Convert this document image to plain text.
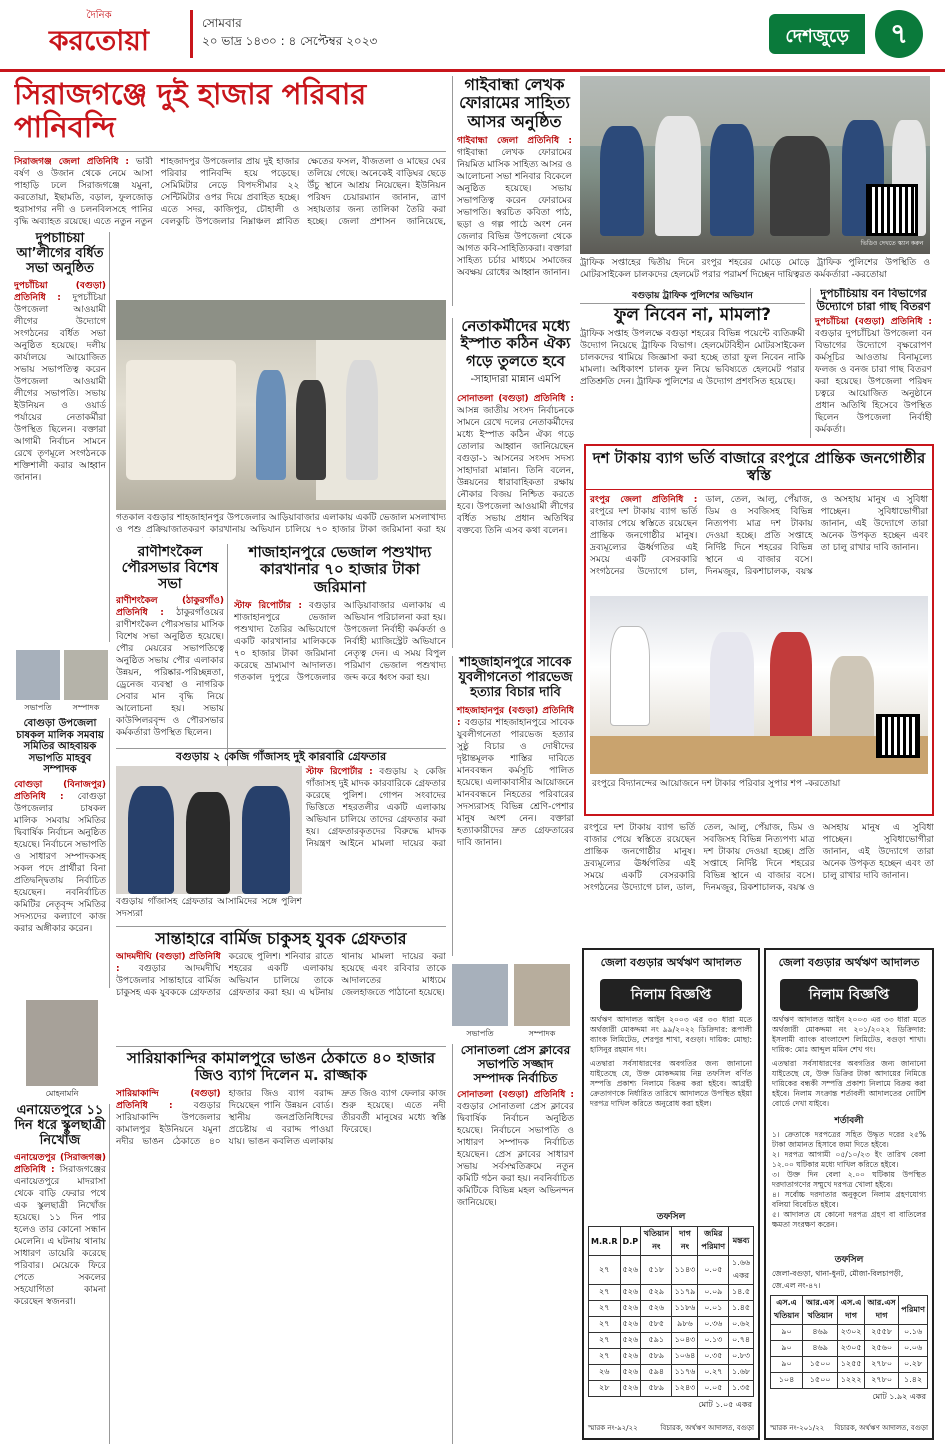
দৈনিক
করতোয়া
সোমবার
২০ ভাদ্র ১৪৩০ : ৪ সেপ্টেম্বর ২০২৩	দেশজুড়ে	৭
সিরাজগঞ্জে দুই হাজার পরিবার পানিবন্দি
সিরাজগঞ্জ জেলা প্রতিনিধি : ভারী বর্ষণ ও উজান থেকে নেমে আসা পাহাড়ি ঢলে সিরাজগঞ্জে যমুনা, করতোয়া, ইছামতি, বড়াল, ফুলজোড় হুরাসাগর নদী ও চলনবিলসহে পানির বৃদ্ধি অব্যাহত রয়েছে। এতে নতুন নতুন শাহজাদপুর উপজেলার প্রায় দুই হাজার পরিবার পানিবন্দি হয়ে পড়েছে। সেমিমিটার নেড়ে বিপদসীমার ২২ সেন্টিমিটার ওপর দিয়ে প্রবাহিত হচ্ছে। এতে সদর, কাজিপুর, চৌহালী ও বেলকুচি উপজেলার নিম্নাঞ্চল প্লাবিত ক্ষেতের ফসল, বীজতলা ও মাছের ঘের তলিয়ে গেছে। অনেকেই বাড়িঘর ছেড়ে উঁচু স্থানে আশ্রয় নিয়েছেন। ইউনিয়ন পরিষদ চেয়ারম্যান জানান, ত্রাণ সহায়তার জন্য তালিকা তৈরি করা হচ্ছে। জেলা প্রশাসন জানিয়েছে,
গাইবান্ধা লেখক ফোরামের সাহিত্য আসর অনুষ্ঠিত
গাইবান্ধা জেলা প্রতিনিধি : গাইবান্ধা লেখক ফোরামের নিয়মিত মাসিক সাহিত্য আসর ও আলোচনা সভা শনিবার বিকেলে অনুষ্ঠিত হয়েছে। সভায় সভাপতিত্ব করেন ফোরামের সভাপতি। স্বরচিত কবিতা পাঠ, ছড়া ও গল্প পাঠে অংশ নেন জেলার বিভিন্ন উপজেলা থেকে আগত কবি-সাহিত্যিকরা। বক্তারা সাহিত্য চর্চার মাধ্যমে সমাজের অবক্ষয় রোধের আহ্বান জানান।
ভিডিও দেখতে স্ক্যান করুন
ট্রাফিক সপ্তাহের দ্বিতীয় দিনে রংপুর শহরের মোড়ে মোড়ে ট্রাফিক পুলিশের উপস্থিতি ও মোটরসাইকেল চালকদের হেলমেট পরার পরামর্শ দিচ্ছেন দায়িত্বরত কর্মকর্তারা -করতোয়া
বগুড়ায় ট্রাফিক পুলিশের অভিযান
ফুল নিবেন না, মামলা?
ট্রাফিক সপ্তাহ উপলক্ষে বগুড়া শহরের বিভিন্ন পয়েন্টে ব্যতিক্রমী উদ্যোগ নিয়েছে ট্রাফিক বিভাগ। হেলমেটবিহীন মোটরসাইকেল চালকদের থামিয়ে জিজ্ঞাসা করা হচ্ছে তারা ফুল নিবেন নাকি মামলা। অধিকাংশ চালক ফুল নিয়ে ভবিষ্যতে হেলমেট পরার প্রতিশ্রুতি দেন। ট্রাফিক পুলিশের এ উদ্যোগ প্রশংসিত হয়েছে।
দুপচাঁচিয়ায় বন বিভাগের উদ্যোগে চারা গাছ বিতরণ
দুপচাঁচিয়া (বগুড়া) প্রতিনিধি : বগুড়ার দুপচাঁচিয়া উপজেলা বন বিভাগের উদ্যোগে বৃক্ষরোপণ কর্মসূচির আওতায় বিনামূল্যে ফলজ ও বনজ চারা গাছ বিতরণ করা হয়েছে। উপজেলা পরিষদ চত্বরে আয়োজিত অনুষ্ঠানে প্রধান অতিথি হিসেবে উপস্থিত ছিলেন উপজেলা নির্বাহী কর্মকর্তা।
নেতাকর্মীদের মধ্যে ইস্পাত কঠিন ঐক্য গড়ে তুলতে হবে
-সাহাদারা মান্নান এমপি
সোনাতলা (বগুড়া) প্রতিনিধি : আসন্ন জাতীয় সংসদ নির্বাচনকে সামনে রেখে দলের নেতাকর্মীদের মধ্যে ইস্পাত কঠিন ঐক্য গড়ে তোলার আহ্বান জানিয়েছেন বগুড়া-১ আসনের সংসদ সদস্য সাহাদারা মান্নান। তিনি বলেন, উন্নয়নের ধারাবাহিকতা রক্ষায় নৌকার বিজয় নিশ্চিত করতে হবে। উপজেলা আওয়ামী লীগের বর্ধিত সভায় প্রধান অতিথির বক্তব্যে তিনি এসব কথা বলেন।
গতকাল বগুড়ার শাহজাহানপুর উপজেলার আড়িয়াবাজার এলাকায় একটি ভেজাল মসলাখাদ্য ও পশু প্রক্রিয়াজাতকরণ কারখানায় অভিযান চালিয়ে ৭০ হাজার টাকা জরিমানা করা হয়
দুপচাঁচিয়া আ’লীগের বর্ধিত সভা অনুষ্ঠিত
দুপচাঁচিয়া (বগুড়া) প্রতিনিধি : দুপচাঁচিয়া উপজেলা আওয়ামী লীগের উদ্যোগে সংগঠনের বর্ধিত সভা অনুষ্ঠিত হয়েছে। দলীয় কার্যালয়ে আয়োজিত সভায় সভাপতিত্ব করেন উপজেলা আওয়ামী লীগের সভাপতি। সভায় ইউনিয়ন ও ওয়ার্ড পর্যায়ের নেতাকর্মীরা উপস্থিত ছিলেন। বক্তারা আগামী নির্বাচন সামনে রেখে তৃণমূলে সংগঠনকে শক্তিশালী করার আহ্বান জানান।
সভাপতি	সম্পাদক
বোগুড়া উপজেলা চাষকল মালিক সমবায় সমিতির আহবায়ক সভাপতি মাহবুব সম্পাদক
বোগুড়া (বিনাজপুর) প্রতিনিধি : বোগুড়া উপজেলার চাষকল মালিক সমবায় সমিতির দ্বিবার্ষিক নির্বাচন অনুষ্ঠিত হয়েছে। নির্বাচনে সভাপতি ও সাধারণ সম্পাদকসহ সকল পদে প্রার্থীরা বিনা প্রতিদ্বন্দ্বিতায় নির্বাচিত হয়েছেন। নবনির্বাচিত কমিটির নেতৃবৃন্দ সমিতির সদস্যদের কল্যাণে কাজ করার অঙ্গীকার করেন।
মোহনামনি
এনায়েতপুরে ১১ দিন ধরে স্কুলছাত্রী নিখোঁজ
এনায়েতপুর (সিরাজগঞ্জ) প্রতিনিধি : সিরাজগঞ্জের এনায়েতপুরে মাদরাসা থেকে বাড়ি ফেরার পথে এক স্কুলছাত্রী নিখোঁজ হয়েছে। ১১ দিন পার হলেও তার কোনো সন্ধান মেলেনি। এ ঘটনায় থানায় সাধারণ ডায়েরি করেছে পরিবার। মেয়েকে ফিরে পেতে সকলের সহযোগিতা কামনা করেছেন স্বজনরা।
রাণীশংকৈল পৌরসভার বিশেষ সভা
রাণীশংকৈল (ঠাকুরগাঁও) প্রতিনিধি : ঠাকুরগাঁওয়ের রাণীশংকৈল পৌরসভার মাসিক বিশেষ সভা অনুষ্ঠিত হয়েছে। পৌর মেয়রের সভাপতিত্বে অনুষ্ঠিত সভায় পৌর এলাকার উন্নয়ন, পরিষ্কার-পরিচ্ছন্নতা, ড্রেনেজ ব্যবস্থা ও নাগরিক সেবার মান বৃদ্ধি নিয়ে আলোচনা হয়। সভায় কাউন্সিলরবৃন্দ ও পৌরসভার কর্মকর্তারা উপস্থিত ছিলেন।
শাজাহানপুরে ভেজাল পশুখাদ্য কারখানার ৭০ হাজার টাকা জরিমানা
স্টাফ রিপোর্টার : বগুড়ার শাজাহানপুরে ভেজাল পশুখাদ্য তৈরির অভিযোগে একটি কারখানার মালিককে ৭০ হাজার টাকা জরিমানা করেছে ভ্রাম্যমাণ আদালত। গতকাল দুপুরে উপজেলার আড়িয়াবাজার এলাকায় এ অভিযান পরিচালনা করা হয়। উপজেলা নির্বাহী কর্মকর্তা ও নির্বাহী ম্যাজিস্ট্রেট অভিযানে নেতৃত্ব দেন। এ সময় বিপুল পরিমাণ ভেজাল পশুখাদ্য জব্দ করে ধ্বংস করা হয়।
বগুড়ায় ২ কেজি গাঁজাসহ দুই কারবারি গ্রেফতার
স্টাফ রিপোর্টার : বগুড়ায় ২ কেজি গাঁজাসহ দুই মাদক কারবারিকে গ্রেফতার করেছে পুলিশ। গোপন সংবাদের ভিত্তিতে শহরতলীর একটি এলাকায় অভিযান চালিয়ে তাদের গ্রেফতার করা হয়। গ্রেফতারকৃতদের বিরুদ্ধে মাদক নিয়ন্ত্রণ আইনে মামলা দায়ের করা
বগুড়ায় গাঁজাসহ গ্রেফতার আসামিদের সঙ্গে পুলিশ সদস্যরা
সান্তাহারে বার্মিজ চাকুসহ যুবক গ্রেফতার
আদমদীঘি (বগুড়া) প্রতিনিধি : বগুড়ার আদমদীঘি উপজেলার সান্তাহারে বার্মিজ চাকুসহ এক যুবককে গ্রেফতার করেছে পুলিশ। শনিবার রাতে শহরের একটি এলাকায় অভিযান চালিয়ে তাকে গ্রেফতার করা হয়। এ ঘটনায় থানায় মামলা দায়ের করা হয়েছে এবং রবিবার তাকে আদালতের মাধ্যমে জেলহাজতে পাঠানো হয়েছে।
সারিয়াকান্দির কামালপুরে ভাঙন ঠেকাতে ৪০ হাজার জিও ব্যাগ দিলেন ম. রাজ্জাক
সারিয়াকান্দি (বগুড়া) প্রতিনিধি : বগুড়ার সারিয়াকান্দি উপজেলার কামালপুর ইউনিয়নে যমুনা নদীর ভাঙন ঠেকাতে ৪০ হাজার জিও ব্যাগ বরাদ্দ দিয়েছেন পানি উন্নয়ন বোর্ড। স্থানীয় জনপ্রতিনিধিদের প্রচেষ্টায় এ বরাদ্দ পাওয়া যায়। ভাঙন কবলিত এলাকায় দ্রুত জিও ব্যাগ ফেলার কাজ শুরু হয়েছে। এতে নদী তীরবর্তী মানুষের মধ্যে স্বস্তি ফিরেছে।
শাহজাহানপুরে সাবেক যুবলীগনেতা পারভেজ হত্যার বিচার দাবি
শাহজাহানপুর (বগুড়া) প্রতিনিধি : বগুড়ার শাহজাহানপুরে সাবেক যুবলীগনেতা পারভেজ হত্যার সুষ্ঠু বিচার ও দোষীদের দৃষ্টান্তমূলক শাস্তির দাবিতে মানববন্ধন কর্মসূচি পালিত হয়েছে। এলাকাবাসীর আয়োজনে মানববন্ধনে নিহতের পরিবারের সদস্যরাসহ বিভিন্ন শ্রেণি-পেশার মানুষ অংশ নেন। বক্তারা হত্যাকারীদের দ্রুত গ্রেফতারের দাবি জানান।
সভাপতি	সম্পাদক
সোনাতলা প্রেস ক্লাবের সভাপতি সজ্জাদ সম্পাদক নির্বাচিত
সোনাতলা (বগুড়া) প্রতিনিধি : বগুড়ার সোনাতলা প্রেস ক্লাবের দ্বিবার্ষিক নির্বাচন অনুষ্ঠিত হয়েছে। নির্বাচনে সভাপতি ও সাধারণ সম্পাদক নির্বাচিত হয়েছেন। প্রেস ক্লাবের সাধারণ সভায় সর্বসম্মতিক্রমে নতুন কমিটি গঠন করা হয়। নবনির্বাচিত কমিটিকে বিভিন্ন মহল অভিনন্দন জানিয়েছে।
দশ টাকায় ব্যাগ ভর্তি বাজারে রংপুরে প্রান্তিক জনগোষ্ঠীর স্বস্তি
রংপুর জেলা প্রতিনিধি : রংপুরে দশ টাকায় ব্যাগ ভর্তি বাজার পেয়ে স্বস্তিতে রয়েছেন প্রান্তিক জনগোষ্ঠীর মানুষ। দ্রব্যমূল্যের ঊর্ধ্বগতির এই সময়ে একটি বেসরকারি সংগঠনের উদ্যোগে চাল, ডাল, তেল, আলু, পেঁয়াজ, ডিম ও সবজিসহ বিভিন্ন নিত্যপণ্য মাত্র দশ টাকায় দেওয়া হচ্ছে। প্রতি সপ্তাহে নির্দিষ্ট দিনে শহরের বিভিন্ন স্থানে এ বাজার বসে। দিনমজুর, রিকশাচালক, বয়স্ক ও অসহায় মানুষ এ সুবিধা পাচ্ছেন। সুবিধাভোগীরা জানান, এই উদ্যোগে তারা অনেক উপকৃত হচ্ছেন এবং তা চালু রাখার দাবি জানান।
রংপুরে বিদ্যানন্দের আয়োজনে দশ টাকার পরিবার সুপার শপ -করতোয়া
রংপুরে দশ টাকায় ব্যাগ ভর্তি বাজার পেয়ে স্বস্তিতে রয়েছেন প্রান্তিক জনগোষ্ঠীর মানুষ। দ্রব্যমূল্যের ঊর্ধ্বগতির এই সময়ে একটি বেসরকারি সংগঠনের উদ্যোগে চাল, ডাল, তেল, আলু, পেঁয়াজ, ডিম ও সবজিসহ বিভিন্ন নিত্যপণ্য মাত্র দশ টাকায় দেওয়া হচ্ছে। প্রতি সপ্তাহে নির্দিষ্ট দিনে শহরের বিভিন্ন স্থানে এ বাজার বসে। দিনমজুর, রিকশাচালক, বয়স্ক ও অসহায় মানুষ এ সুবিধা পাচ্ছেন। সুবিধাভোগীরা জানান, এই উদ্যোগে তারা অনেক উপকৃত হচ্ছেন এবং তা চালু রাখার দাবি জানান।
জেলা বগুড়ার অর্থঋণ আদালত
নিলাম বিজ্ঞপ্তি
অর্থঋণ আদালত আইন ২০০৩ এর ৩৩ ধারা মতে অর্থজারী মোকদ্দমা নং ৯৯/২০২২ ডিক্রিদার: রূপালী ব্যাংক লিমিটেড, শেরপুর শাখা, বগুড়া। দায়িক: মোছা: হাসিনুর রহমান গং।
এতদ্বারা সর্বসাধারণের অবগতির জন্য জানানো যাইতেছে যে, উক্ত মোকদ্দমায় নিম্ন তফসিল বর্ণিত সম্পত্তি প্রকাশ্য নিলামে বিক্রয় করা হইবে। আগ্রহী ক্রেতাগণকে নির্ধারিত তারিখে আদালতে উপস্থিত হইয়া দরপত্র দাখিল করিতে অনুরোধ করা হইল।
তফসিল
M.R.R	D.P	খতিয়ান নং	দাগ নং	জমির পরিমাণ	মন্তব্য
২৭	৫২৬	৫১৮	১১৪৩	০.০৫	১.৬৬ একর
২৭	৫২৬	৫২৯	১১৭৯	০.০৯	১৪.৫
২৭	৫২৬	৫২৬	১১৮৬	০.০১	১.৪৫
২৭	৫২৬	৫৮৫	৯৮৬	০.৩৬	০.৬২
২৭	৫২৬	৫৯১	১০৪৩	০.১৩	০.৭৪
২৭	৫২৬	৫৮৯	১০৬৪	০.৩৫	০.৮৩
২৬	৫২৬	৫৯৪	১১৭৬	০.২৭	১.৬৮
২৮	৫২৬	৫৮৯	১২৪৩	০.০৫	১.৩৫
মোট ১.০৫ একর
স্মারক নং-৯২/২২	বিচারক, অর্থঋণ আদালত, বগুড়া
জেলা বগুড়ার অর্থঋণ আদালত
নিলাম বিজ্ঞপ্তি
অর্থঋণ আদালত আইন ২০০৩ এর ৩৩ ধারা মতে অর্থজারী মোকদ্দমা নং ২০১/২০২২ ডিক্রিদার: ইসলামী ব্যাংক বাংলাদেশ লিমিটেড, বগুড়া শাখা। দায়িক: মোঃ আব্দুল মমিন শেখ গং।
এতদ্বারা সর্বসাধারণের অবগতির জন্য জানানো যাইতেছে যে, উক্ত ডিক্রির টাকা আদায়ের নিমিত্তে দায়িকের বন্ধকী সম্পত্তি প্রকাশ্য নিলামে বিক্রয় করা হইবে। নিলাম সংক্রান্ত শর্তাবলী আদালতের নোটিশ বোর্ডে দেখা যাইবে।
শর্তাবলী
১। ক্রেতাকে দরপত্রের সহিত উদ্ধৃত দরের ২৫% টাকা জামানত হিসাবে জমা দিতে হইবে।
২। দরপত্র আগামী ০৫/১০/২৩ ইং তারিখ বেলা ১২.০০ ঘটিকার মধ্যে দাখিল করিতে হইবে।
৩। উক্ত দিন বেলা ২.০০ ঘটিকায় উপস্থিত দরদাতাগণের সম্মুখে দরপত্র খোলা হইবে।
৪। সর্বোচ্চ দরদাতার অনুকূলে নিলাম গ্রহণযোগ্য বলিয়া বিবেচিত হইবে।
৫। আদালত যে কোনো দরপত্র গ্রহণ বা বাতিলের ক্ষমতা সংরক্ষণ করেন।
তফসিল
জেলা-বগুড়া, থানা-ধুনট, মৌজা-বিলচাপড়ী, জে.এল নং-৪৭।
এস.এ খতিয়ান	আর.এস খতিয়ান	এস.এ দাগ	আর.এস দাগ	পরিমাণ
৯০	৪৬৯	২৩০২	২৫৫৮	০.১৬
৯০	৪৬৯	২৩০৫	২৫৬০	০.০৬
৯০	১৫০০	১২৫৫	২৭৮০	০.২৮
১০৪	১৫০০	১২২২	২৭৮০	১.৪২
মোট ১.৯২ একর
স্মারক নং-২০১/২২ বিচারক, অর্থঋণ আদালত, বগুড়া
